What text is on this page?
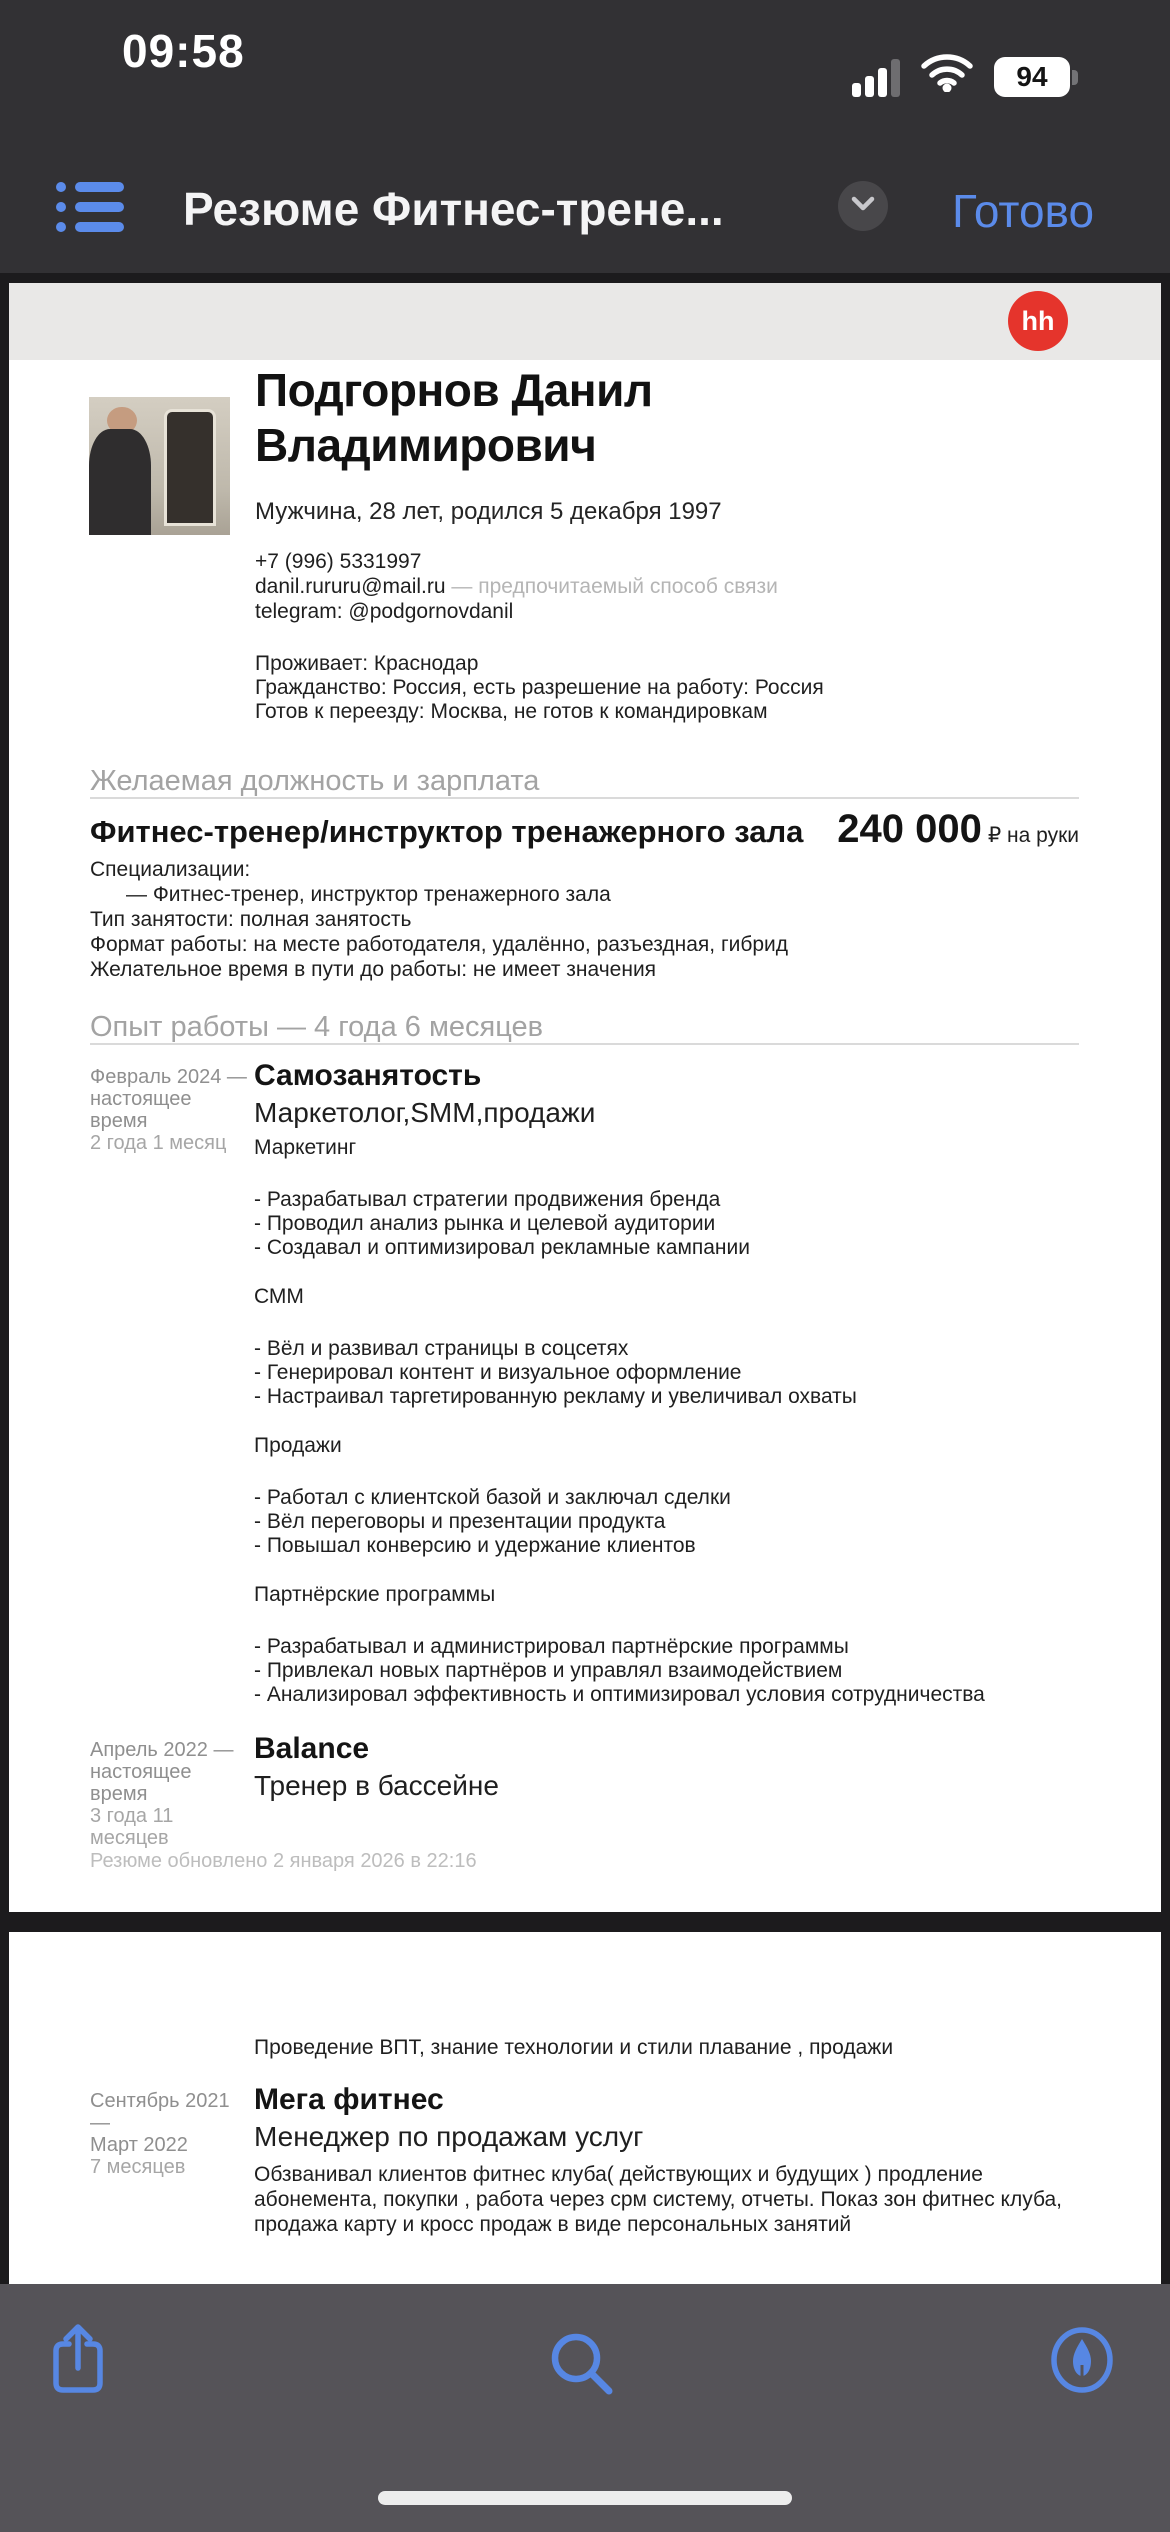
09:58	94
Резюме Фитнес-трене...	Готово
hh
Подгорнов Данил Владимирович
Мужчина, 28 лет, родился 5 декабря 1997
+7 (996) 5331997
danil.rururu@mail.ru — предпочитаемый способ связи
telegram: @podgornovdanil
Проживает: Краснодар
Гражданство: Россия, есть разрешение на работу: Россия
Готов к переезду: Москва, не готов к командировкам
Желаемая должность и зарплата
Фитнес-тренер/инструктор тренажерного зала 240 000 ₽ на руки
Специализации:
— Фитнес-тренер, инструктор тренажерного зала
Тип занятости: полная занятость
Формат работы: на месте работодателя, удалённо, разъездная, гибрид
Желательное время в пути до работы: не имеет значения
Опыт работы — 4 года 6 месяцев
Февраль 2024 —
настоящее время
2 года 1 месяц
Самозанятость
Маркетолог,SMM,продажи
Маркетинг
- Разрабатывал стратегии продвижения бренда
- Проводил анализ рынка и целевой аудитории
- Создавал и оптимизировал рекламные кампании
СММ
- Вёл и развивал страницы в соцсетях
- Генерировал контент и визуальное оформление
- Настраивал таргетированную рекламу и увеличивал охваты
Продажи
- Работал с клиентской базой и заключал сделки
- Вёл переговоры и презентации продукта
- Повышал конверсию и удержание клиентов
Партнёрские программы
- Разрабатывал и администрировал партнёрские программы
- Привлекал новых партнёров и управлял взаимодействием
- Анализировал эффективность и оптимизировал условия сотрудничества
Апрель 2022 —
настоящее время
3 года 11
месяцев
Balance
Тренер в бассейне
Резюме обновлено 2 января 2026 в 22:16
Проведение ВПТ, знание технологии и стили плавание , продажи
Сентябрь 2021 —
Март 2022
7 месяцев
Мега фитнес
Менеджер по продажам услуг
Обзванивал клиентов фитнес клуба( действующих и будущих ) продление абонемента, покупки , работа через срм систему, отчеты. Показ зон фитнес клуба, продажа карту и кросс продаж в виде персональных занятий
